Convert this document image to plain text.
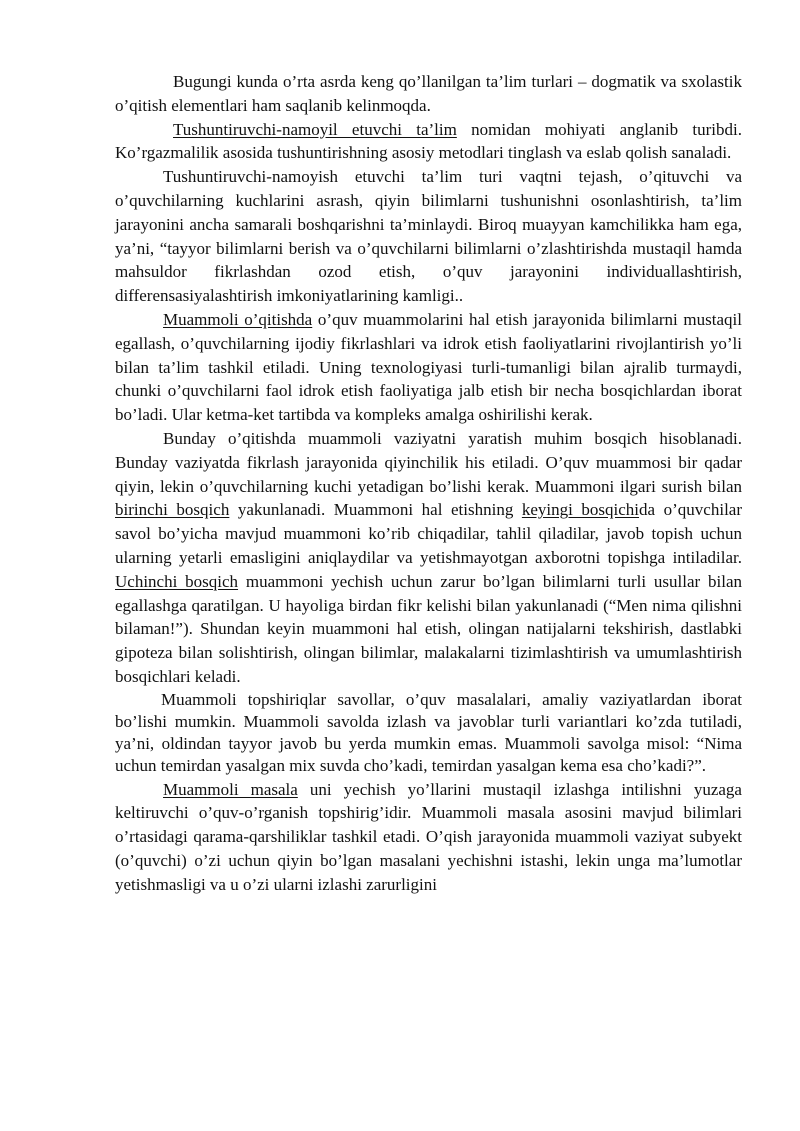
Bugungi kunda o’rta asrda keng qo’llanilgan ta’lim turlari – dogmatik va sxolastik o’qitish elementlari ham saqlanib kelinmoqda.

Tushuntiruvchi-namoyil etuvchi ta’lim nomidan mohiyati anglanib turibdi. Ko’rgazmalilik asosida tushuntirishning asosiy metodlari tinglash va eslab qolish sanaladi.

Tushuntiruvchi-namoyish etuvchi ta’lim turi vaqtni tejash, o’qituvchi va o’quvchilarning kuchlarini asrash, qiyin bilimlarni tushunishni osonlashtirish, ta’lim jarayonini ancha samarali boshqarishni ta’minlaydi. Biroq muayyan kamchilikka ham ega, ya’ni, “tayyor bilimlarni berish va o’quvchilarni bilimlarni o’zlashtirishda mustaqil hamda mahsuldor fikrlashdan ozod etish, o’quv jarayonini individuallashtirish, differensasiyalashtirish imkoniyatlarining kamligi..

Muammoli o’qitishda o’quv muammolarini hal etish jarayonida bilimlarni mustaqil egallash, o’quvchilarning ijodiy fikrlashlari va idrok etish faoliyatlarini rivojlantirish yo’li bilan ta’lim tashkil etiladi. Uning texnologiyasi turli-tumanligi bilan ajralib turmaydi, chunki o’quvchilarni faol idrok etish faoliyatiga jalb etish bir necha bosqichlardan iborat bo’ladi. Ular ketma-ket tartibda va kompleks amalga oshirilishi kerak.

Bunday o’qitishda muammoli vaziyatni yaratish muhim bosqich hisoblanadi. Bunday vaziyatda fikrlash jarayonida qiyinchilik his etiladi. O’quv muammosi bir qadar qiyin, lekin o’quvchilarning kuchi yetadigan bo’lishi kerak. Muammoni ilgari surish bilan birinchi bosqich yakunlanadi. Muammoni hal etishning keyingi bosqichida o’quvchilar savol bo’yicha mavjud muammoni ko’rib chiqadilar, tahlil qiladilar, javob topish uchun ularning yetarli emasligini aniqlaydilar va yetishmayotgan axborotni topishga intiladilar. Uchinchi bosqich muammoni yechish uchun zarur bo’lgan bilimlarni turli usullar bilan egallashga qaratilgan. U hayoliga birdan fikr kelishi bilan yakunlanadi (“Men nima qilishni bilaman!”). Shundan keyin muammoni hal etish, olingan natijalarni tekshirish, dastlabki gipoteza bilan solishtirish, olingan bilimlar, malakalarni tizimlashtirish va umumlashtirish bosqichlari keladi.

Muammoli topshiriqlar savollar, o’quv masalalari, amaliy vaziyatlardan iborat bo’lishi mumkin. Muammoli savolda izlash va javoblar turli variantlari ko’zda tutiladi, ya’ni, oldindan tayyor javob bu yerda mumkin emas. Muammoli savolga misol: “Nima uchun temirdan yasalgan mix suvda cho’kadi, temirdan yasalgan kema esa cho’kadi?”.

Muammoli masala uni yechish yo’llarini mustaqil izlashga intilishni yuzaga keltiruvchi o’quv-o’rganish topshirig’idir. Muammoli masala asosini mavjud bilimlari o’rtasidagi qarama-qarshiliklar tashkil etadi. O’qish jarayonida muammoli vaziyat subyekt (o’quvchi) o’zi uchun qiyin bo’lgan masalani yechishni istashi, lekin unga ma’lumotlar yetishmasligi va u o’zi ularni izlashi zarurligini
